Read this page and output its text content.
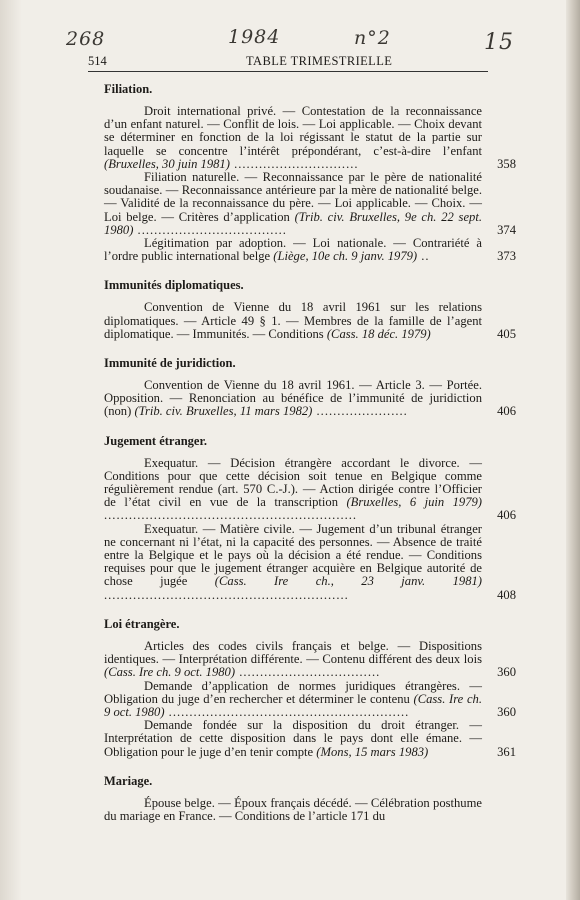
268	1984	n°2	15
514	TABLE TRIMESTRIELLE
Filiation.
Droit international privé. — Contestation de la reconnaissance d’un enfant naturel. — Conflit de lois. — Loi applicable. — Choix devant se déterminer en fonction de la loi régissant le statut de la partie sur laquelle se concentre l’intérêt prépondérant, c’est-à-dire l’enfant (Bruxelles, 30 juin 1981) ..............................	358
Filiation naturelle. — Reconnaissance par le père de nationalité soudanaise. — Reconnaissance antérieure par la mère de nationalité belge. — Validité de la reconnaissance du père. — Loi applicable. — Choix. — Loi belge. — Critères d’application (Trib. civ. Bruxelles, 9e ch. 22 sept. 1980) ....................................	374
Légitimation par adoption. — Loi nationale. — Contrariété à l’ordre public international belge (Liège, 10e ch. 9 janv. 1979) ..	373
Immunités diplomatiques.
Convention de Vienne du 18 avril 1961 sur les relations diplomatiques. — Article 49 § 1. — Membres de la famille de l’agent diplomatique. — Immunités. — Conditions (Cass. 18 déc. 1979)	405
Immunité de juridiction.
Convention de Vienne du 18 avril 1961. — Article 3. — Portée. Opposition. — Renonciation au bénéfice de l’immunité de juridiction (non) (Trib. civ. Bruxelles, 11 mars 1982) ......................	406
Jugement étranger.
Exequatur. — Décision étrangère accordant le divorce. — Conditions pour que cette décision soit tenue en Belgique comme régulièrement rendue (art. 570 C.-J.). — Action dirigée contre l’Officier de l’état civil en vue de la transcription (Bruxelles, 6 juin 1979) .............................................................	406
Exequatur. — Matière civile. — Jugement d’un tribunal étranger ne concernant ni l’état, ni la capacité des personnes. — Absence de traité entre la Belgique et le pays où la décision a été rendue. — Conditions requises pour que le jugement étranger acquière en Belgique autorité de chose jugée (Cass. Ire ch., 23 janv. 1981) ...........................................................	408
Loi étrangère.
Articles des codes civils français et belge. — Dispositions identiques. — Interprétation différente. — Contenu différent des deux lois (Cass. Ire ch. 9 oct. 1980) ..................................	360
Demande d’application de normes juridiques étrangères. — Obligation du juge d’en rechercher et déterminer le contenu (Cass. Ire ch. 9 oct. 1980) ..........................................................	360
Demande fondée sur la disposition du droit étranger. — Interprétation de cette disposition dans le pays dont elle émane. — Obligation pour le juge d’en tenir compte (Mons, 15 mars 1983)	361
Mariage.
Épouse belge. — Époux français décédé. — Célébration posthume du mariage en France. — Conditions de l’article 171 du
